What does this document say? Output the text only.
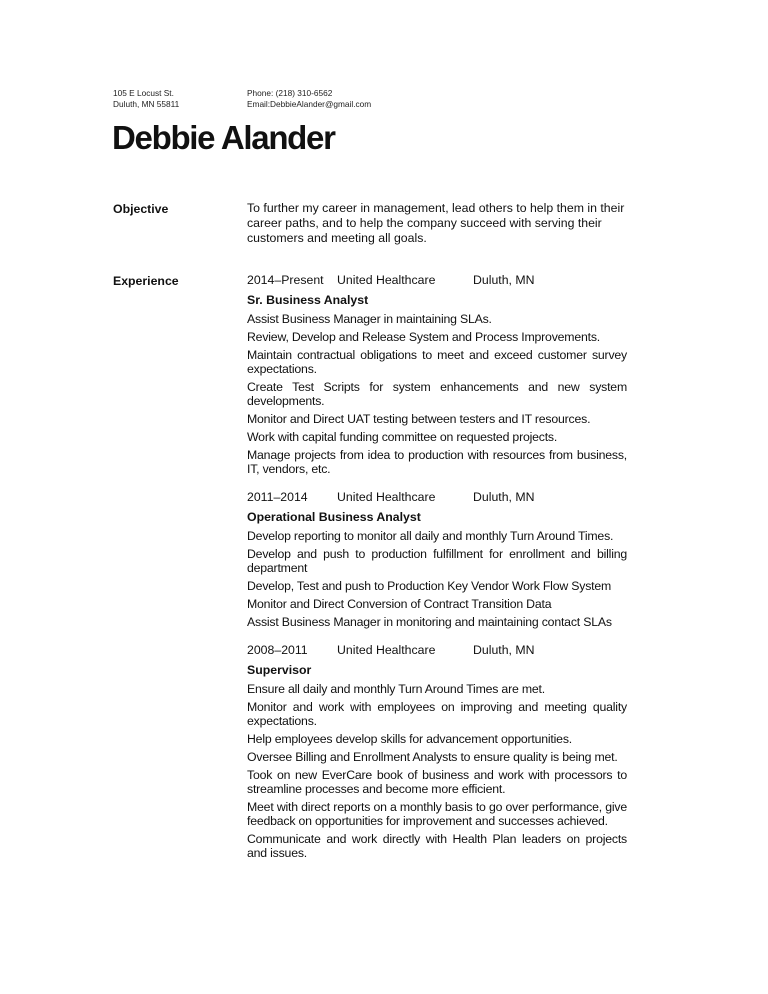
105 E Locust St.
Duluth, MN 55811
Phone: (218) 310-6562
Email:DebbieAlander@gmail.com
Debbie Alander
Objective	To further my career in management, lead others to help them in their career paths, and to help the company succeed with serving their customers and meeting all goals.
Experience	2014–Present United Healthcare	Duluth, MN
Sr. Business Analyst
Assist Business Manager in maintaining SLAs.
Review, Develop and Release System and Process Improvements.
Maintain contractual obligations to meet and exceed customer survey expectations.
Create Test Scripts for system enhancements and new system developments.
Monitor and Direct UAT testing between testers and IT resources.
Work with capital funding committee on requested projects.
Manage projects from idea to production with resources from business, IT, vendors, etc.
2011–2014 United Healthcare	Duluth, MN
Operational Business Analyst
Develop reporting to monitor all daily and monthly Turn Around Times.
Develop and push to production fulfillment for enrollment and billing department
Develop, Test and push to Production Key Vendor Work Flow System
Monitor and Direct Conversion of Contract Transition Data
Assist Business Manager in monitoring and maintaining contact SLAs
2008–2011 United Healthcare	Duluth, MN
Supervisor
Ensure all daily and monthly Turn Around Times are met.
Monitor and work with employees on improving and meeting quality expectations.
Help employees develop skills for advancement opportunities.
Oversee Billing and Enrollment Analysts to ensure quality is being met.
Took on new EverCare book of business and work with processors to streamline processes and become more efficient.
Meet with direct reports on a monthly basis to go over performance, give feedback on opportunities for improvement and successes achieved.
Communicate and work directly with Health Plan leaders on projects and issues.
